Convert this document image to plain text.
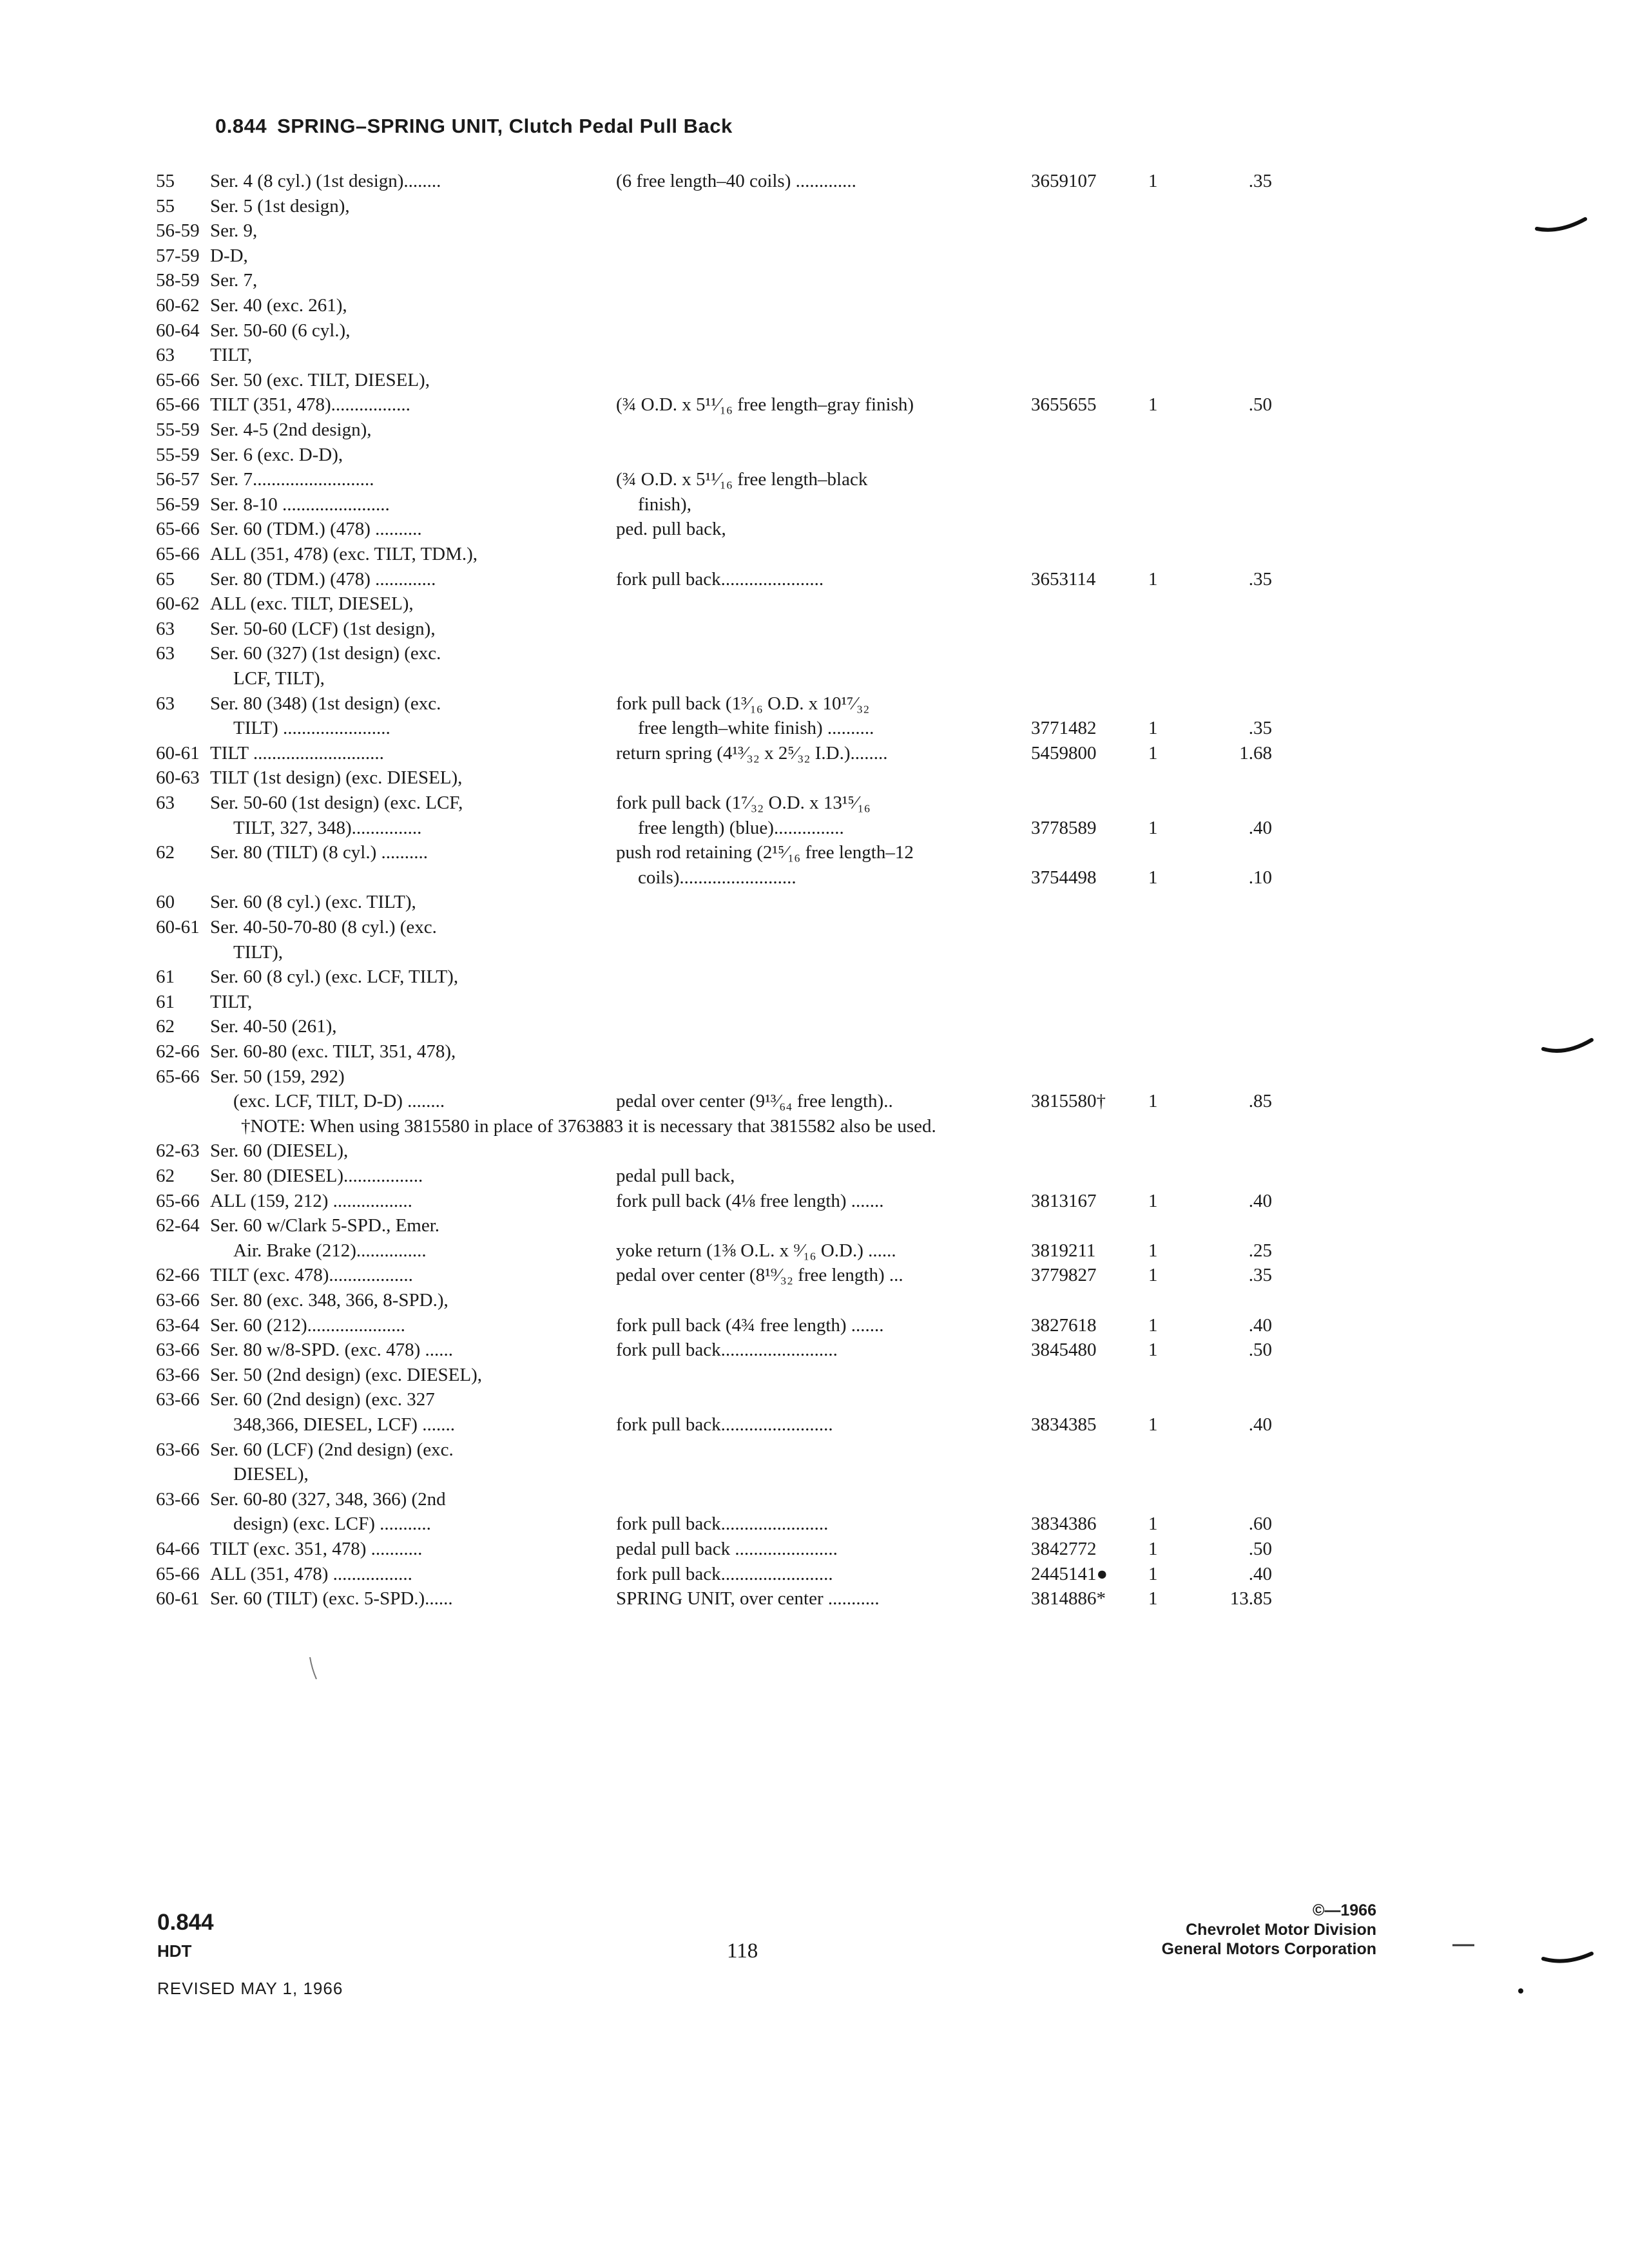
0.844 SPRING–SPRING UNIT, Clutch Pedal Pull Back
55 Ser. 4 (8 cyl.) (1st design)........	(6 free length–40 coils) .............	3659107	1	.35
55 Ser. 5 (1st design),
56-59 Ser. 9,
57-59 D-D,
58-59 Ser. 7,
60-62 Ser. 40 (exc. 261),
60-64 Ser. 50-60 (6 cyl.),
63 TILT,
65-66 Ser. 50 (exc. TILT, DIESEL),
65-66 TILT (351, 478).................	(¾ O.D. x 5¹¹⁄₁₆ free length–gray finish)	3655655	1	.50
55-59 Ser. 4-5 (2nd design),
55-59 Ser. 6 (exc. D-D),
56-57 Ser. 7..........................	(¾ O.D. x 5¹¹⁄₁₆ free length–black
56-59 Ser. 8-10 .......................	finish),
65-66 Ser. 60 (TDM.) (478) ..........	ped. pull back,
65-66 ALL (351, 478) (exc. TILT, TDM.),
65 Ser. 80 (TDM.) (478) .............	fork pull back......................	3653114	1	.35
60-62 ALL (exc. TILT, DIESEL),
63 Ser. 50-60 (LCF) (1st design),
63 Ser. 60 (327) (1st design) (exc.
LCF, TILT),
63 Ser. 80 (348) (1st design) (exc.	fork pull back (1³⁄₁₆ O.D. x 10¹⁷⁄₃₂
TILT) .......................	free length–white finish) ..........	3771482	1	.35
60-61 TILT ............................	return spring (4¹³⁄₃₂ x 2⁵⁄₃₂ I.D.)........	5459800	1	1.68
60-63 TILT (1st design) (exc. DIESEL),
63 Ser. 50-60 (1st design) (exc. LCF,	fork pull back (1⁷⁄₃₂ O.D. x 13¹⁵⁄₁₆
TILT, 327, 348)...............	free length) (blue)...............	3778589	1	.40
62 Ser. 80 (TILT) (8 cyl.) ..........	push rod retaining (2¹⁵⁄₁₆ free length–12
coils).........................	3754498	1	.10
60 Ser. 60 (8 cyl.) (exc. TILT),
60-61 Ser. 40-50-70-80 (8 cyl.) (exc.
TILT),
61 Ser. 60 (8 cyl.) (exc. LCF, TILT),
61 TILT,
62 Ser. 40-50 (261),
62-66 Ser. 60-80 (exc. TILT, 351, 478),
65-66 Ser. 50 (159, 292)
(exc. LCF, TILT, D-D) ........	pedal over center (9¹³⁄₆₄ free length)..	3815580† 1	.85
62-63 Ser. 60 (DIESEL),
62 Ser. 80 (DIESEL).................	pedal pull back,
65-66 ALL (159, 212) .................	fork pull back (4⅛ free length) .......	3813167	1	.40
62-64 Ser. 60 w/Clark 5-SPD., Emer.
Air. Brake (212)...............	yoke return (1⅜ O.L. x ⁹⁄₁₆ O.D.) ......	3819211	1	.25
62-66 TILT (exc. 478)..................	pedal over center (8¹⁹⁄₃₂ free length) ...	3779827	1	.35
63-66 Ser. 80 (exc. 348, 366, 8-SPD.),
63-64 Ser. 60 (212).....................	fork pull back (4¾ free length) .......	3827618	1	.40
63-66 Ser. 80 w/8-SPD. (exc. 478) ......	fork pull back.........................	3845480	1	.50
63-66 Ser. 50 (2nd design) (exc. DIESEL),
63-66 Ser. 60 (2nd design) (exc. 327
348,366, DIESEL, LCF) .......	fork pull back........................	3834385	1	.40
63-66 Ser. 60 (LCF) (2nd design) (exc.
DIESEL),
63-66 Ser. 60-80 (327, 348, 366) (2nd
design) (exc. LCF) ...........	fork pull back.......................	3834386	1	.60
64-66 TILT (exc. 351, 478) ...........	pedal pull back ......................	3842772	1	.50
65-66 ALL (351, 478) .................	fork pull back........................	2445141● 1	.40
60-61 Ser. 60 (TILT) (exc. 5-SPD.)......	SPRING UNIT, over center ...........	3814886* 1	13.85
†NOTE: When using 3815580 in place of 3763883 it is necessary that 3815582 also be used.
0.844
HDT
REVISED MAY 1, 1966
118
©—1966
Chevrolet Motor Division
General Motors Corporation
